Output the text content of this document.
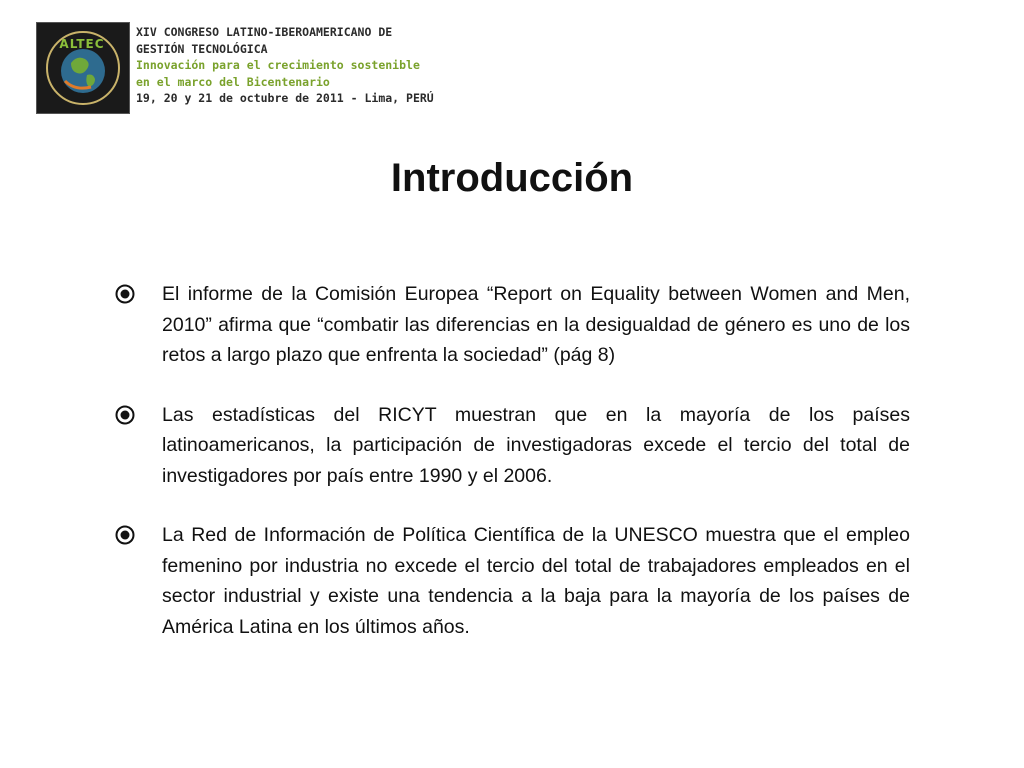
ALTEC
XIV CONGRESO LATINO-IBEROAMERICANO DE
GESTIÓN TECNOLÓGICA
Innovación para el crecimiento sostenible
en el marco del Bicentenario
19, 20 y 21 de octubre de 2011 - Lima, PERÚ
Introducción
El informe de la Comisión Europea “Report on Equality between Women and Men, 2010” afirma que “combatir las diferencias en la desigualdad de género es uno de los retos a largo plazo que enfrenta la sociedad” (pág 8)
Las estadísticas del RICYT muestran que en la mayoría de los países latinoamericanos, la participación de investigadoras excede el tercio del total de investigadores por país entre 1990 y el 2006.
La Red de Información de Política Científica de la UNESCO muestra que el empleo femenino por industria no excede el tercio del total de trabajadores empleados en el sector industrial y existe una tendencia a la baja para la mayoría de los países de América Latina en los últimos años.
